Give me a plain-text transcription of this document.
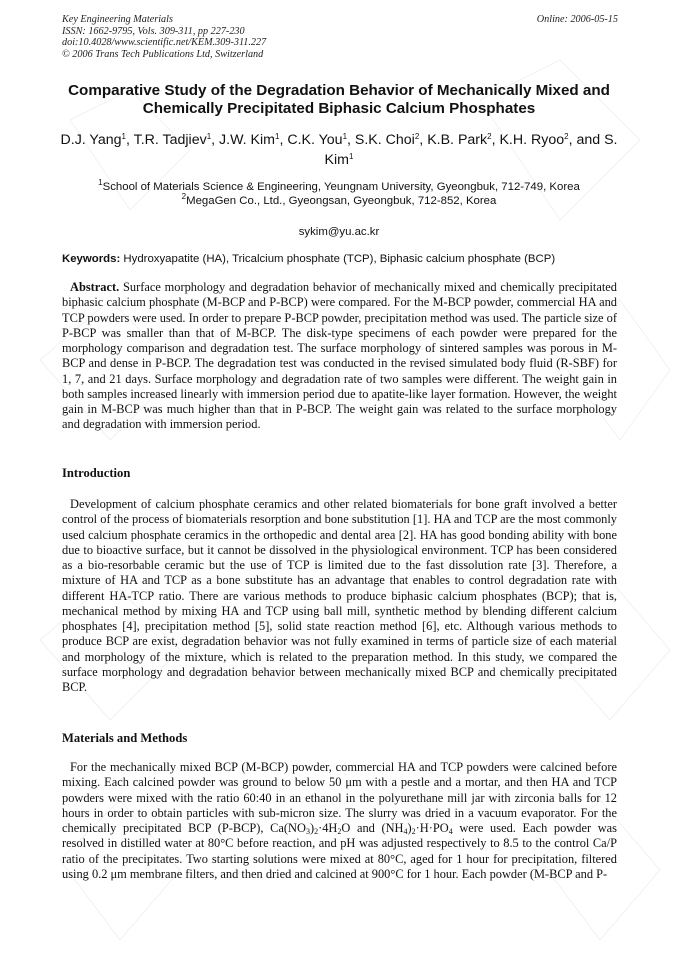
Key Engineering Materials
ISSN: 1662-9795, Vols. 309-311, pp 227-230
doi:10.4028/www.scientific.net/KEM.309-311.227
© 2006 Trans Tech Publications Ltd, Switzerland
Online: 2006-05-15
Comparative Study of the Degradation Behavior of Mechanically Mixed and Chemically Precipitated Biphasic Calcium Phosphates
D.J. Yang$^1$, T.R. Tadjiev$^1$, J.W. Kim$^1$, C.K. You$^1$, S.K. Choi$^2$, K.B. Park$^2$, K.H. Ryoo$^2$, and S. Kim$^1$
$^1$School of Materials Science & Engineering, Yeungnam University, Gyeongbuk, 712-749, Korea
$^2$MegaGen Co., Ltd., Gyeongsan, Gyeongbuk, 712-852, Korea
sykim@yu.ac.kr
Keywords: Hydroxyapatite (HA), Tricalcium phosphate (TCP), Biphasic calcium phosphate (BCP)
Abstract. Surface morphology and degradation behavior of mechanically mixed and chemically precipitated biphasic calcium phosphate (M-BCP and P-BCP) were compared. For the M-BCP powder, commercial HA and TCP powders were used. In order to prepare P-BCP powder, precipitation method was used. The particle size of P-BCP was smaller than that of M-BCP. The disk-type specimens of each powder were prepared for the morphology comparison and degradation test. The surface morphology of sintered samples was porous in M-BCP and dense in P-BCP. The degradation test was conducted in the revised simulated body fluid (R-SBF) for 1, 7, and 21 days. Surface morphology and degradation rate of two samples were different. The weight gain in both samples increased linearly with immersion period due to apatite-like layer formation. However, the weight gain in M-BCP was much higher than that in P-BCP. The weight gain was related to the surface morphology and degradation with immersion period.
Introduction
Development of calcium phosphate ceramics and other related biomaterials for bone graft involved a better control of the process of biomaterials resorption and bone substitution [1]. HA and TCP are the most commonly used calcium phosphate ceramics in the orthopedic and dental area [2]. HA has good bonding ability with bone due to bioactive surface, but it cannot be dissolved in the physiological environment. TCP has been considered as a bio-resorbable ceramic but the use of TCP is limited due to the fast dissolution rate [3]. Therefore, a mixture of HA and TCP as a bone substitute has an advantage that enables to control degradation rate with different HA-TCP ratio. There are various methods to produce biphasic calcium phosphates (BCP); that is, mechanical method by mixing HA and TCP using ball mill, synthetic method by blending different calcium phosphates [4], precipitation method [5], solid state reaction method [6], etc. Although various methods to produce BCP are exist, degradation behavior was not fully examined in terms of particle size of each material and morphology of the mixture, which is related to the preparation method. In this study, we compared the surface morphology and degradation behavior between mechanically mixed BCP and chemically precipitated BCP.
Materials and Methods
For the mechanically mixed BCP (M-BCP) powder, commercial HA and TCP powders were calcined before mixing. Each calcined powder was ground to below 50 μm with a pestle and a mortar, and then HA and TCP powders were mixed with the ratio 60:40 in an ethanol in the polyurethane mill jar with zirconia balls for 12 hours in order to obtain particles with sub-micron size. The slurry was dried in a vacuum evaporator. For the chemically precipitated BCP (P-BCP), $Ca(NO_3)_2\cdot 4H_2O$ and $(NH_4)_2\cdot H\cdot PO_4$ were used. Each powder was resolved in distilled water at 80°C before reaction, and pH was adjusted respectively to 8.5 to the control Ca/P ratio of the precipitates. Two starting solutions were mixed at 80°C, aged for 1 hour for precipitation, filtered using 0.2 μm membrane filters, and then dried and calcined at 900°C for 1 hour. Each powder (M-BCP and P-
